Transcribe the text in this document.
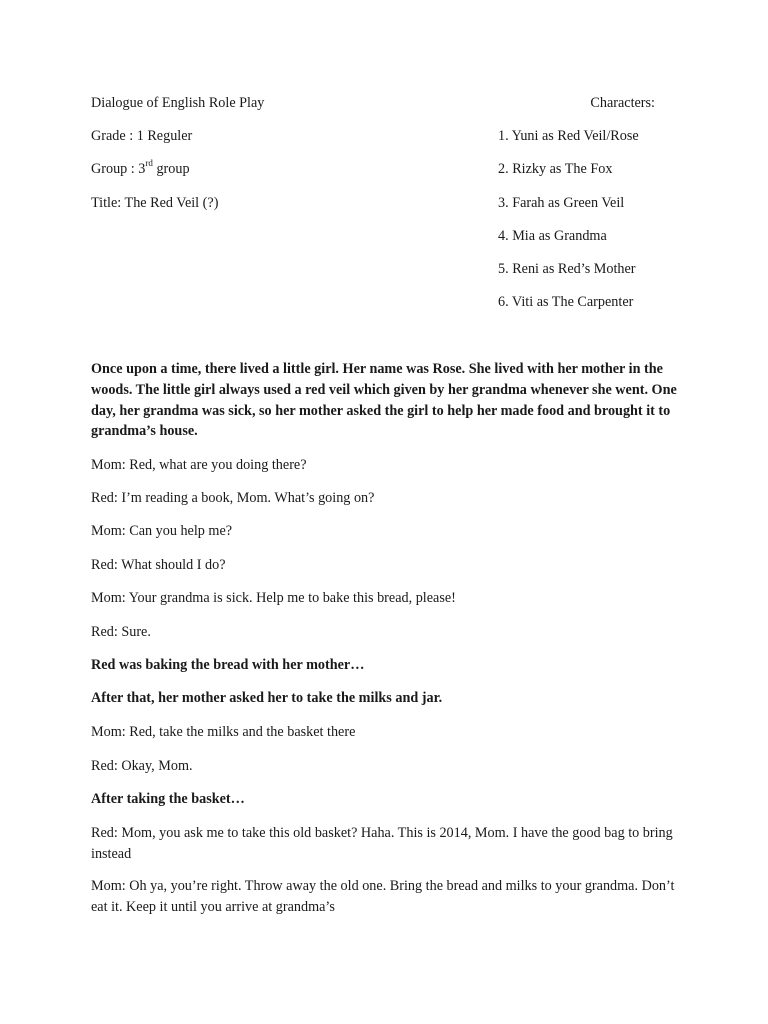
Dialogue of English Role Play
Grade : 1 Reguler
Group : 3rd group
Title: The Red Veil (?)
Characters:
1. Yuni as Red Veil/Rose
2. Rizky as The Fox
3. Farah as Green Veil
4. Mia as Grandma
5. Reni as Red’s Mother
6. Viti as The Carpenter
Once upon a time, there lived a little girl. Her name was Rose. She lived with her mother in the woods. The little girl always used a red veil which given by her grandma whenever she went. One day, her grandma was sick, so her mother asked the girl to help her made food and brought it to grandma’s house.
Mom: Red, what are you doing there?
Red: I’m reading a book, Mom. What’s going on?
Mom: Can you help me?
Red: What should I do?
Mom: Your grandma is sick. Help me to bake this bread, please!
Red: Sure.
Red was baking the bread with her mother…
After that, her mother asked her to take the milks and jar.
Mom: Red, take the milks and the basket there
Red: Okay, Mom.
After taking the basket…
Red: Mom, you ask me to take this old basket? Haha. This is 2014, Mom. I have the good bag to bring instead
Mom: Oh ya, you’re right. Throw away the old one. Bring the bread and milks to your grandma. Don’t eat it. Keep it until you arrive at grandma’s
